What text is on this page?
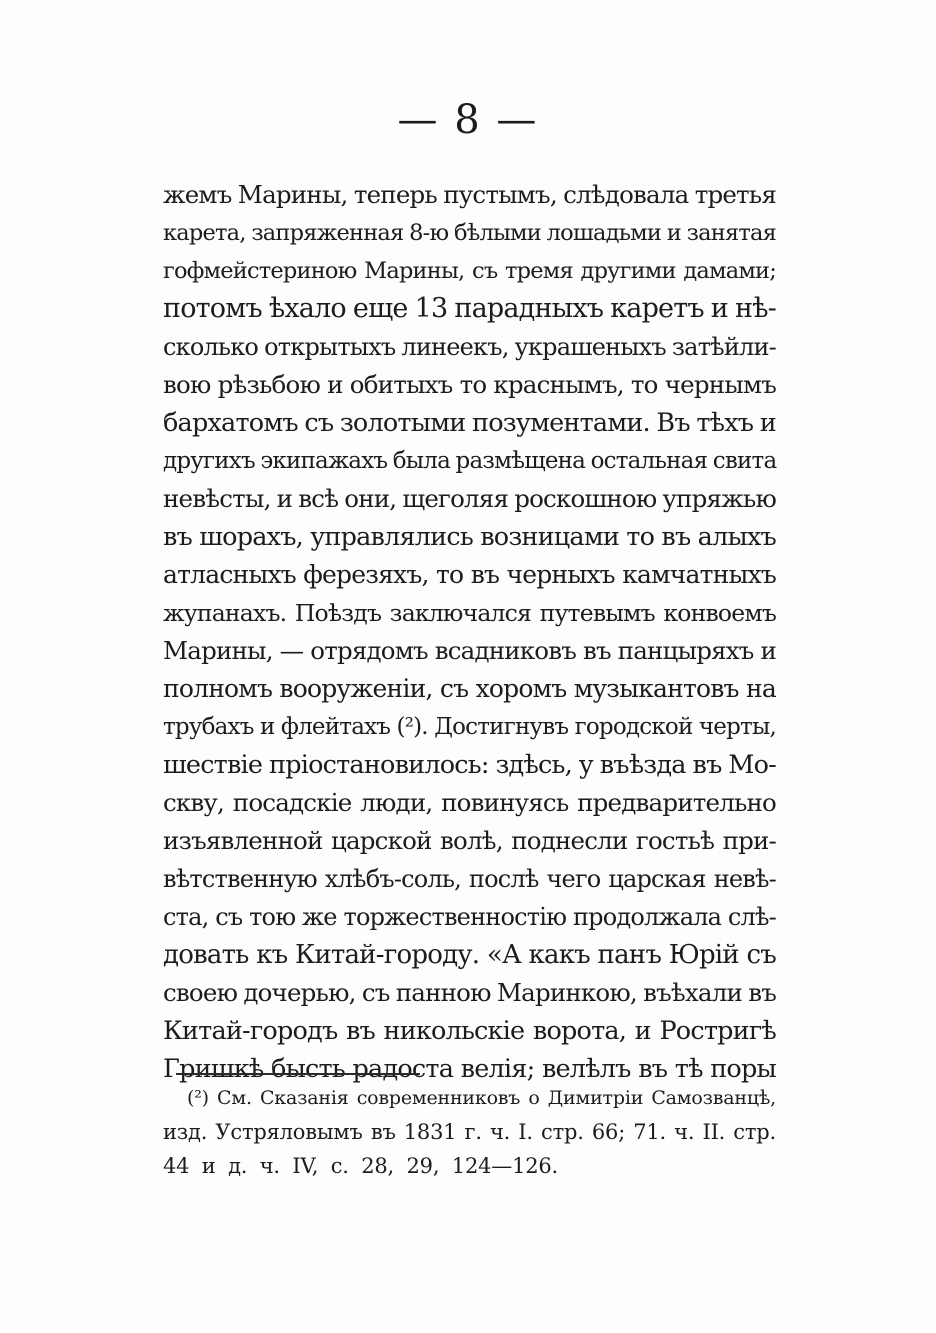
— 8 —
жемъ Марины, теперь пустымъ, слѣдовала третья
карета, запряженная 8-ю бѣлыми лошадьми и занятая
гофмейстериною Марины, съ тремя другими дамами;
потомъ ѣхало еще 13 парадныхъ каретъ и нѣ-
сколько открытыхъ линеекъ, украшеныхъ затѣйли-
вою рѣзьбою и обитыхъ то краснымъ, то чернымъ
бархатомъ съ золотыми позументами. Въ тѣхъ и
другихъ экипажахъ была размѣщена остальная свита
невѣсты, и всѣ они, щеголяя роскошною упряжью
въ шорахъ, управлялись возницами то въ алыхъ
атласныхъ ферезяхъ, то въ черныхъ камчатныхъ
жупанахъ. Поѣздъ заключался путевымъ конвоемъ
Марины, — отрядомъ всадниковъ въ панцыряхъ и
полномъ вооруженіи, съ хоромъ музыкантовъ на
трубахъ и флейтахъ (²). Достигнувъ городской черты,
шествіе пріостановилось: здѣсь, у въѣзда въ Мо-
скву, посадскіе люди, повинуясь предварительно
изъявленной царской волѣ, поднесли гостьѣ при-
вѣтственную хлѣбъ-соль, послѣ чего царская невѣ-
ста, съ тою же торжественностію продолжала слѣ-
довать къ Китай-городу. «А какъ панъ Юрій съ
своею дочерью, съ панною Маринкою, въѣхали въ
Китай-городъ въ никольскіе ворота, и Ростригѣ
Гришкѣ бысть радоста велія; велѣлъ въ тѣ поры
(²) См. Сказанія современниковъ о Димитріи Самозванцѣ,
изд. Устряловымъ въ 1831 г. ч. I. стр. 66; 71. ч. II. стр.
44 и д. ч. IV, с. 28, 29, 124—126.
